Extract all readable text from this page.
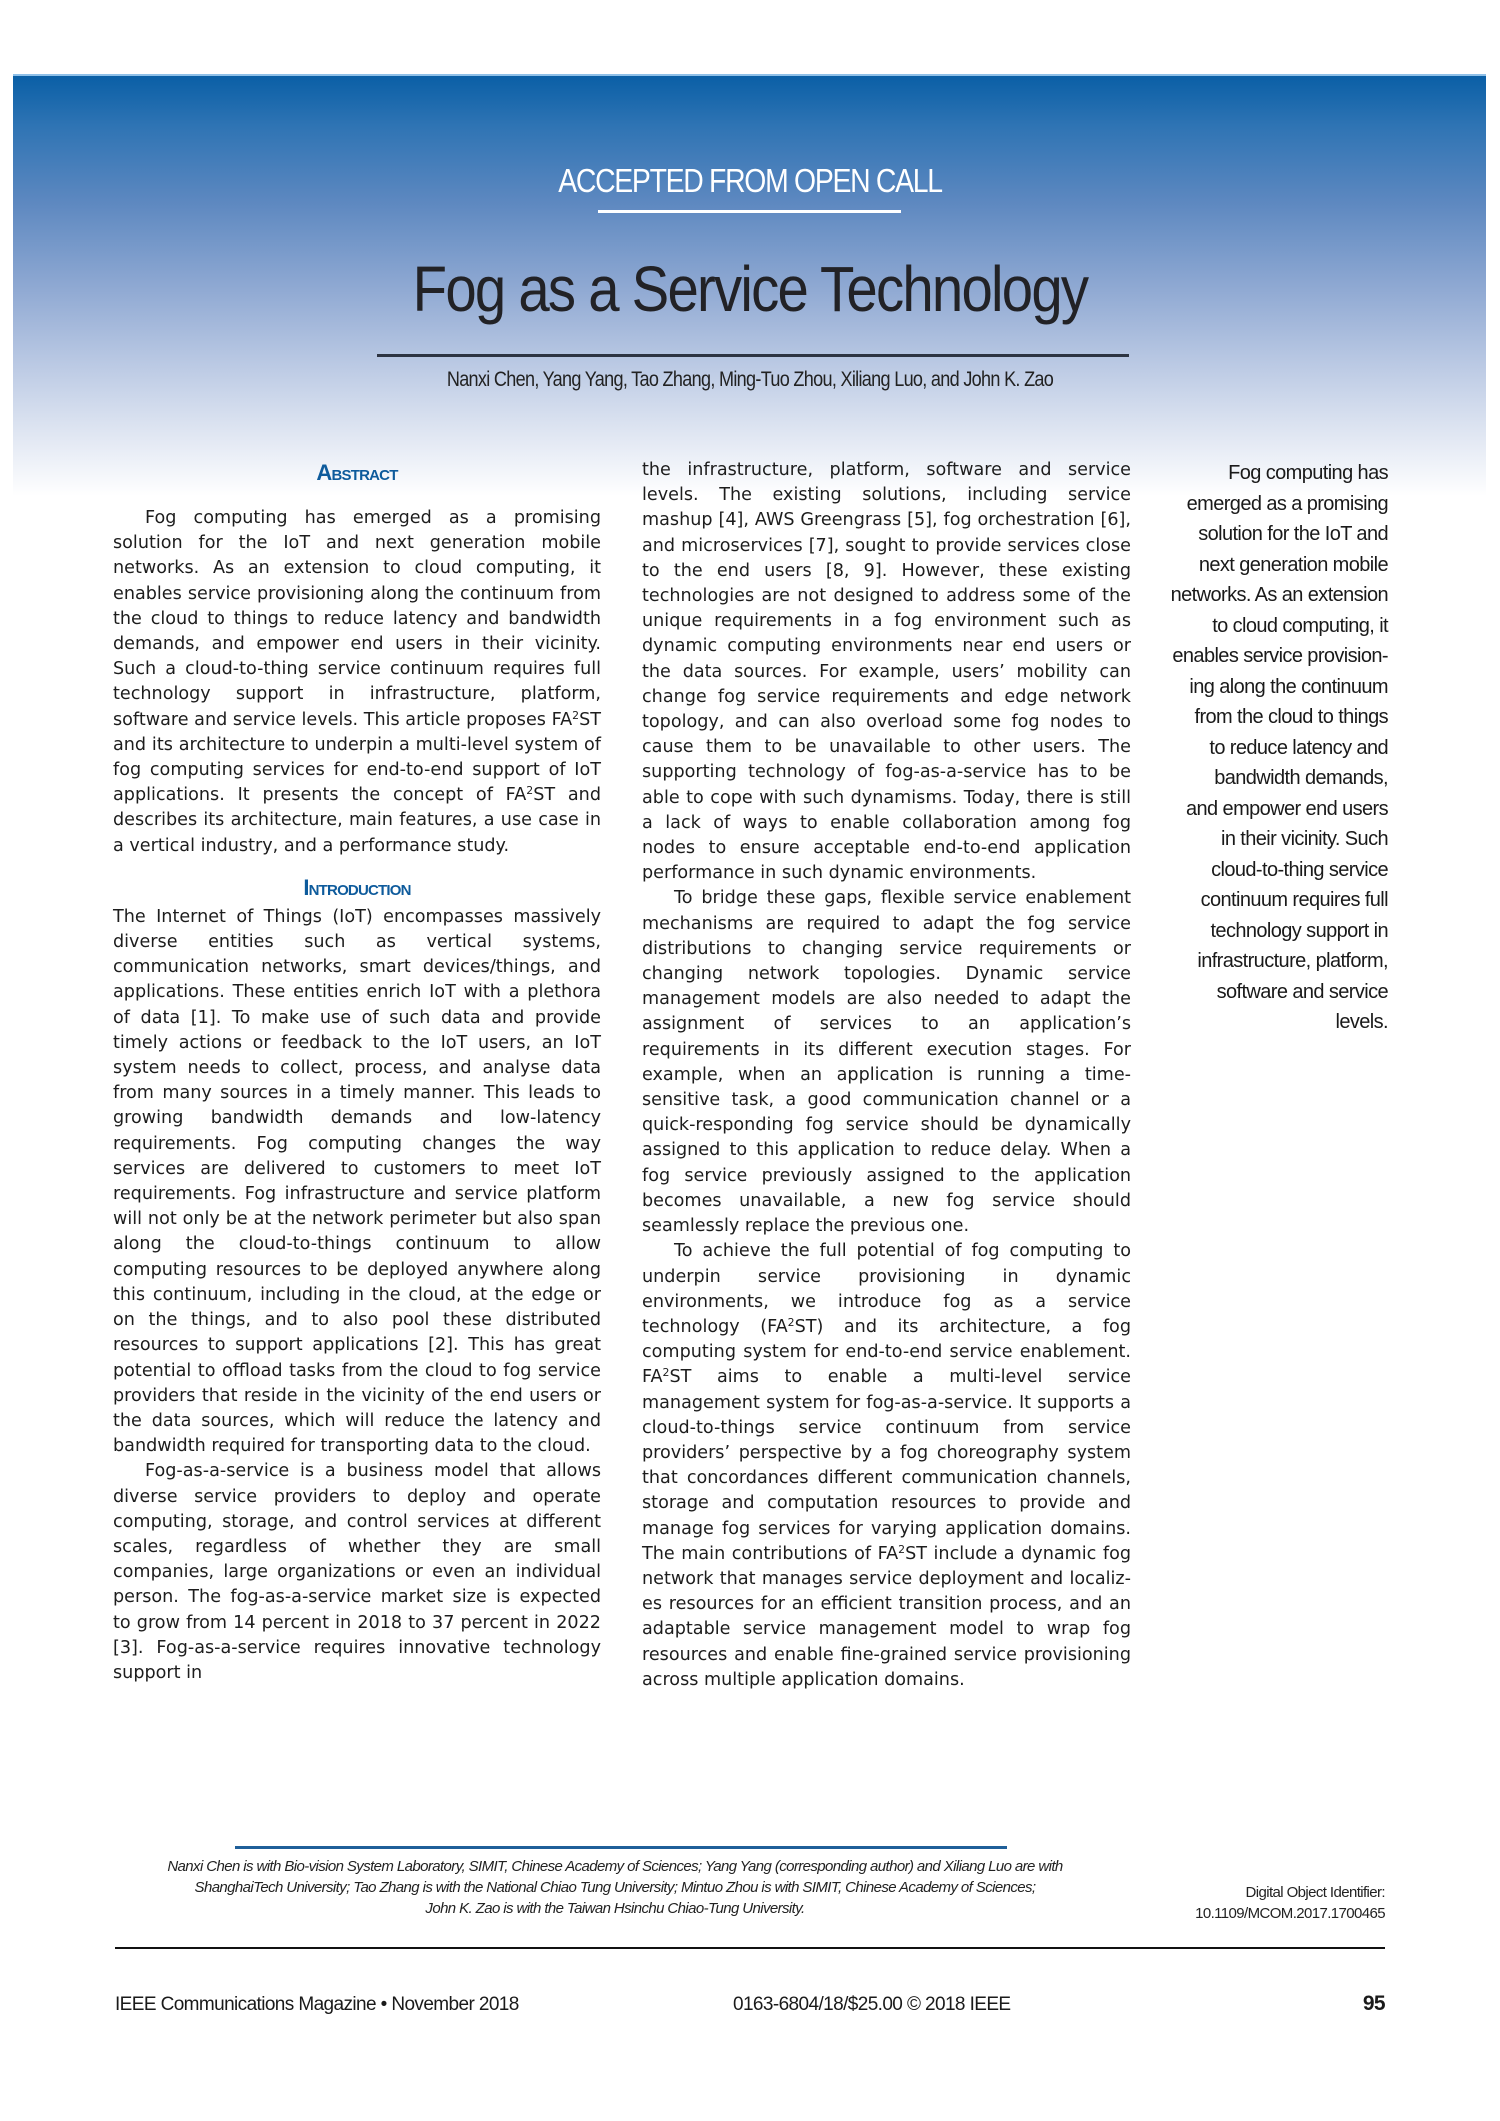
ACCEPTED FROM OPEN CALL
Fog as a Service Technology
Nanxi Chen, Yang Yang, Tao Zhang, Ming-Tuo Zhou, Xiliang Luo, and John K. Zao
Abstract

Fog computing has emerged as a promising solution for the IoT and next generation mobile networks. As an extension to cloud computing, it enables service provisioning along the continuum from the cloud to things to reduce latency and bandwidth demands, and empower end users in their vicinity. Such a cloud-to-thing service continuum requires full technology support in infrastructure, platform, software and service levels. This article proposes $FA^2ST$ and its architecture to underpin a multi-level system of fog computing services for end-to-end support of IoT applications. It presents the concept of $FA^2ST$ and describes its architecture, main features, a use case in a vertical industry, and a performance study.

Introduction

The Internet of Things (IoT) encompasses massively diverse entities such as vertical systems, communication networks, smart devices/things, and applications. These entities enrich IoT with a plethora of data [1]. To make use of such data and provide timely actions or feedback to the IoT users, an IoT system needs to collect, process, and analyse data from many sources in a timely manner. This leads to growing bandwidth demands and low-latency requirements. Fog computing changes the way services are delivered to customers to meet IoT requirements. Fog infrastructure and service platform will not only be at the network perimeter but also span along the cloud-to-things continuum to allow computing resources to be deployed anywhere along this continuum, including in the cloud, at the edge or on the things, and to also pool these distributed resources to support applications [2]. This has great potential to offload tasks from the cloud to fog service providers that reside in the vicinity of the end users or the data sources, which will reduce the latency and bandwidth required for transporting data to the cloud.

Fog-as-a-service is a business model that allows diverse service providers to deploy and operate computing, storage, and control services at different scales, regardless of whether they are small companies, large organizations or even an individual person. The fog-as-a-service market size is expected to grow from 14 percent in 2018 to 37 percent in 2022 [3]. Fog-as-a-service requires innovative technology support in

the infrastructure, platform, software and service levels. The existing solutions, including service mashup [4], AWS Greengrass [5], fog orchestration [6], and microservices [7], sought to provide services close to the end users [8, 9]. However, these existing technologies are not designed to address some of the unique requirements in a fog environment such as dynamic computing environments near end users or the data sources. For example, users’ mobility can change fog service requirements and edge network topology, and can also overload some fog nodes to cause them to be unavailable to other users. The supporting technology of fog-as-a-service has to be able to cope with such dynamisms. Today, there is still a lack of ways to enable collaboration among fog nodes to ensure acceptable end-to-end application performance in such dynamic environments.

To bridge these gaps, flexible service enablement mechanisms are required to adapt the fog service distributions to changing service requirements or changing network topologies. Dynamic service management models are also needed to adapt the assignment of services to an application’s requirements in its different execution stages. For example, when an application is running a time-sensitive task, a good communication channel or a quick-responding fog service should be dynamically assigned to this application to reduce delay. When a fog service previously assigned to the application becomes unavailable, a new fog service should seamlessly replace the previous one.

To achieve the full potential of fog computing to underpin service provisioning in dynamic environments, we introduce fog as a service technology $(FA^2ST)$ and its architecture, a fog computing system for end-to-end service enablement. $FA^2ST$ aims to enable a multi-level service management system for fog-as-a-service. It supports a cloud-to-things service continuum from service providers’ perspective by a fog choreography system that concordances different communication channels, storage and computation resources to provide and manage fog services for varying application domains. The main contributions of $FA^2ST$ include a dynamic fog network that manages service deployment and localizes resources for an efficient transition process, and an adaptable service management model to wrap fog resources and enable fine-grained service provisioning across multiple application domains.

Fog computing has
emerged as a promising
solution for the IoT and
next generation mobile
networks. As an extension
to cloud computing, it
enables service provision-
ing along the continuum
from the cloud to things
to reduce latency and
bandwidth demands,
and empower end users
in their vicinity. Such
cloud-to-thing service
continuum requires full
technology support in
infrastructure, platform,
software and service
levels.
Nanxi Chen is with Bio-vision System Laboratory, SIMIT, Chinese Academy of Sciences; Yang Yang (corresponding author) and Xiliang Luo are with
ShanghaiTech University; Tao Zhang is with the National Chiao Tung University; Mintuo Zhou is with SIMIT, Chinese Academy of Sciences;
John K. Zao is with the Taiwan Hsinchu Chiao-Tung University.
Digital Object Identifier:
10.1109/MCOM.2017.1700465
IEEE Communications Magazine • November 2018	0163-6804/18/$25.00 © 2018 IEEE	95
